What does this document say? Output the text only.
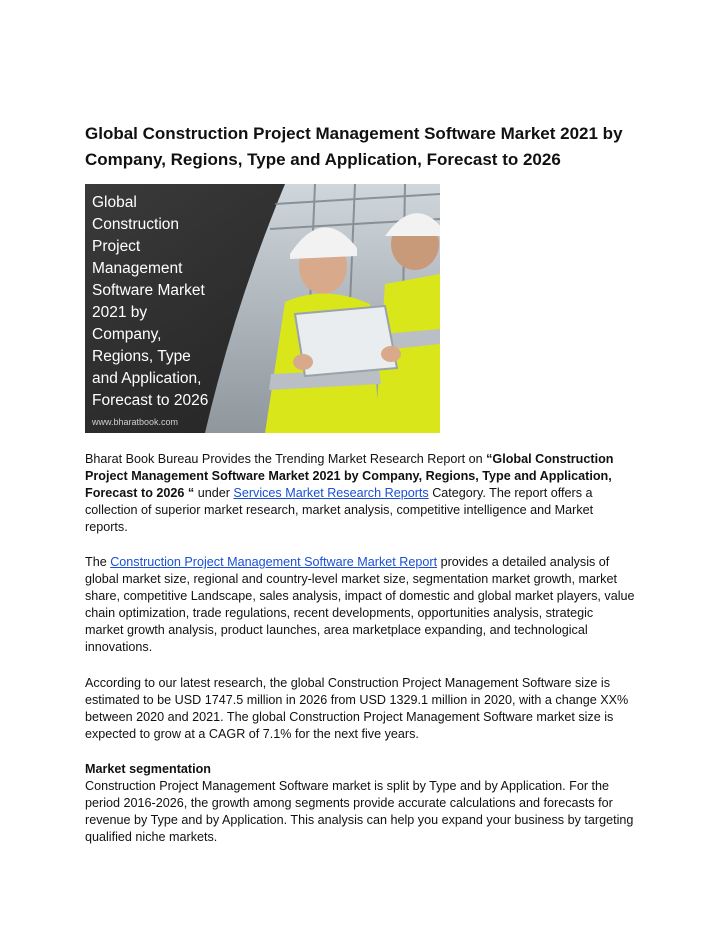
Global Construction Project Management Software Market 2021 by Company, Regions, Type and Application, Forecast to 2026
Global
Construction
Project
Management
Software Market
2021 by
Company,
Regions, Type
and Application,
Forecast to 2026
www.bharatbook.com
Bharat Book Bureau Provides the Trending Market Research Report on “Global Construction Project Management Software Market 2021 by Company, Regions, Type and Application, Forecast to 2026 “ under Services Market Research Reports Category. The report offers a collection of superior market research, market analysis, competitive intelligence and Market reports.
The Construction Project Management Software Market Report provides a detailed analysis of global market size, regional and country-level market size, segmentation market growth, market share, competitive Landscape, sales analysis, impact of domestic and global market players, value chain optimization, trade regulations, recent developments, opportunities analysis, strategic market growth analysis, product launches, area marketplace expanding, and technological innovations.
According to our latest research, the global Construction Project Management Software size is estimated to be USD 1747.5 million in 2026 from USD 1329.1 million in 2020, with a change XX% between 2020 and 2021. The global Construction Project Management Software market size is expected to grow at a CAGR of 7.1% for the next five years.
Market segmentation
Construction Project Management Software market is split by Type and by Application. For the period 2016-2026, the growth among segments provide accurate calculations and forecasts for revenue by Type and by Application. This analysis can help you expand your business by targeting qualified niche markets.
